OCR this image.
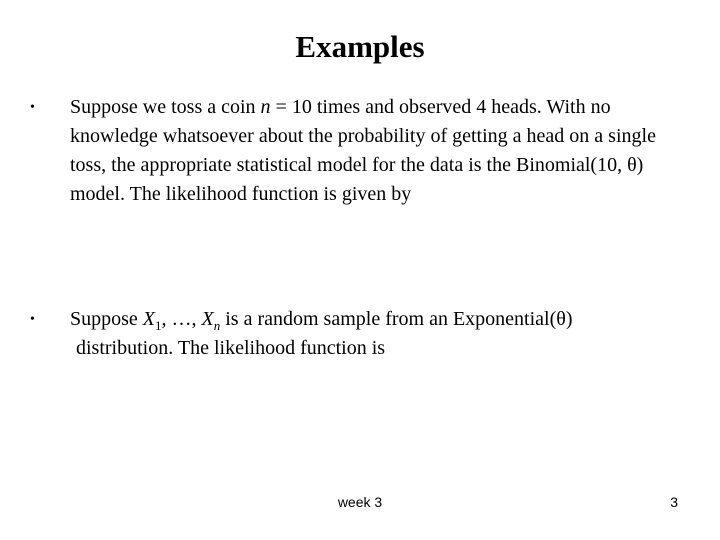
Examples
• Suppose we toss a coin n = 10 times and observed 4 heads. With no knowledge whatsoever about the probability of getting a head on a single toss, the appropriate statistical model for the data is the Binomial(10, θ) model. The likelihood function is given by
• Suppose $X_1$, …, $X_n$ is a random sample from an Exponential(θ)
distribution. The likelihood function is
week 3	3
